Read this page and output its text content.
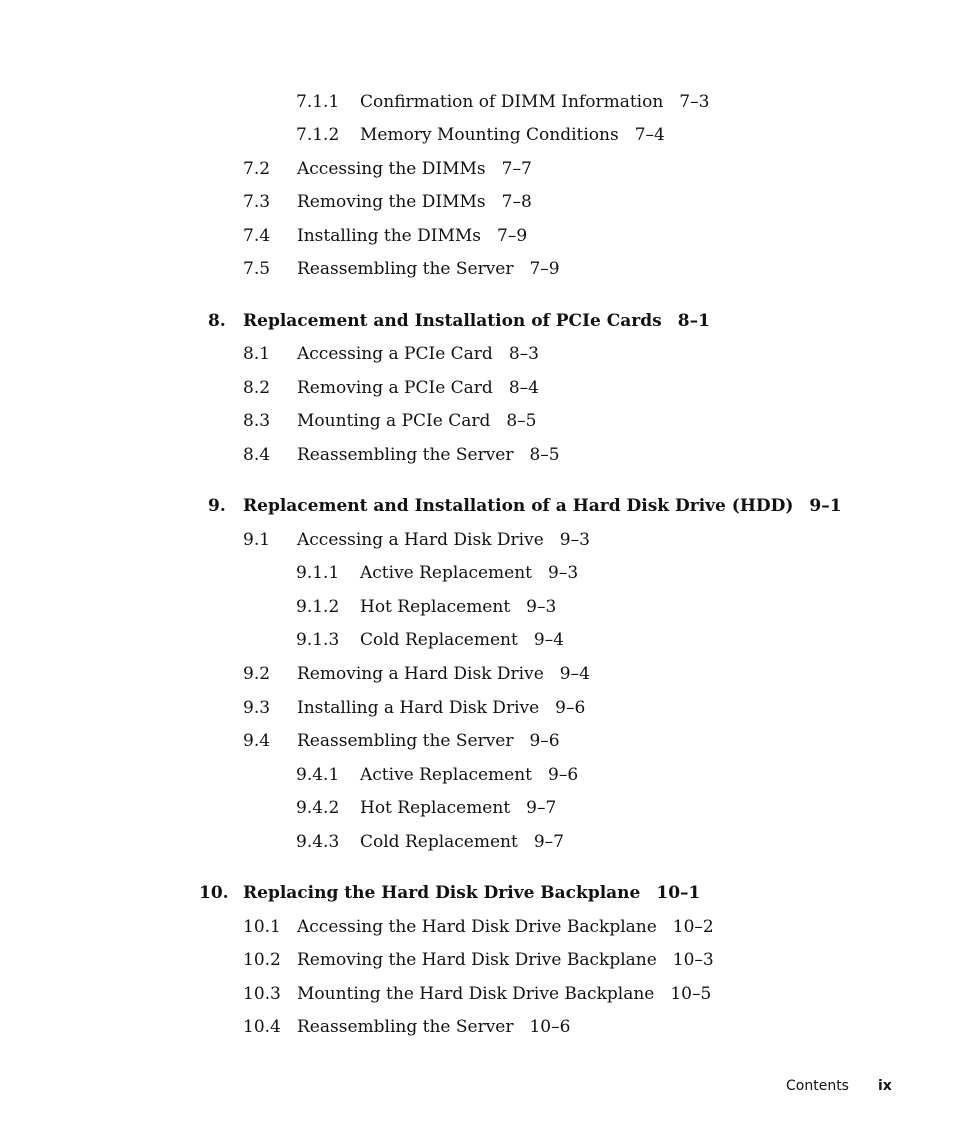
7.1.1 Confirmation of DIMM Information 7–3
7.1.2 Memory Mounting Conditions 7–4
7.2 Accessing the DIMMs 7–7
7.3 Removing the DIMMs 7–8
7.4 Installing the DIMMs 7–9
7.5 Reassembling the Server 7–9
8. Replacement and Installation of PCIe Cards 8–1
8.1 Accessing a PCIe Card 8–3
8.2 Removing a PCIe Card 8–4
8.3 Mounting a PCIe Card 8–5
8.4 Reassembling the Server 8–5
9. Replacement and Installation of a Hard Disk Drive (HDD) 9–1
9.1 Accessing a Hard Disk Drive 9–3
9.1.1 Active Replacement 9–3
9.1.2 Hot Replacement 9–3
9.1.3 Cold Replacement 9–4
9.2 Removing a Hard Disk Drive 9–4
9.3 Installing a Hard Disk Drive 9–6
9.4 Reassembling the Server 9–6
9.4.1 Active Replacement 9–6
9.4.2 Hot Replacement 9–7
9.4.3 Cold Replacement 9–7
10. Replacing the Hard Disk Drive Backplane 10–1
10.1 Accessing the Hard Disk Drive Backplane 10–2
10.2 Removing the Hard Disk Drive Backplane 10–3
10.3 Mounting the Hard Disk Drive Backplane 10–5
10.4 Reassembling the Server 10–6
Contents ix
